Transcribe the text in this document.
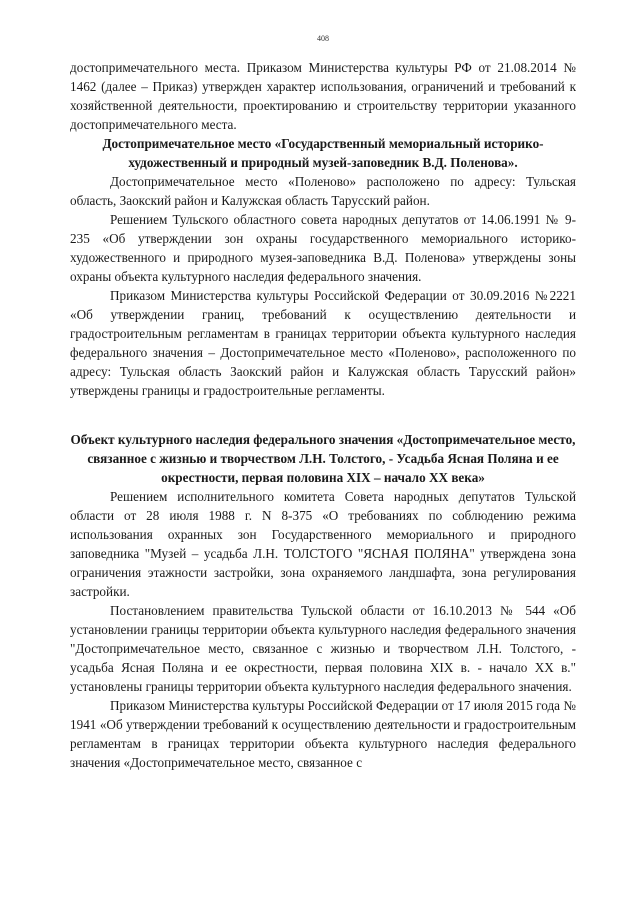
408

достопримечательного места. Приказом Министерства культуры РФ от 21.08.2014 № 1462 (далее – Приказ) утвержден характер использования, ограничений и требований к хозяйственной деятельности, проектированию и строительству территории указанного достопримечательного места.

Достопримечательное место «Государственный мемориальный историко-художественный и природный музей-заповедник В.Д. Поленова».

Достопримечательное место «Поленово» расположено по адресу: Тульская область, Заокский район и Калужская область Тарусский район.

Решением Тульского областного совета народных депутатов от 14.06.1991 № 9-235 «Об утверждении зон охраны государственного мемориального историко-художественного и природного музея-заповедника В.Д. Поленова» утверждены зоны охраны объекта культурного наследия федерального значения.

Приказом Министерства культуры Российской Федерации от 30.09.2016 №2221 «Об утверждении границ, требований к осуществлению деятельности и градостроительным регламентам в границах территории объекта культурного наследия федерального значения – Достопримечательное место «Поленово», расположенного по адресу: Тульская область Заокский район и Калужская область Тарусский район» утверждены границы и градостроительные регламенты.

Объект культурного наследия федерального значения «Достопримечательное место, связанное с жизнью и творчеством Л.Н. Толстого, - Усадьба Ясная Поляна и ее окрестности, первая половина XIX – начало XX века»

Решением исполнительного комитета Совета народных депутатов Тульской области от 28 июля 1988 г. N 8-375 «О требованиях по соблюдению режима использования охранных зон Государственного мемориального и природного заповедника "Музей – усадьба Л.Н. ТОЛСТОГО "ЯСНАЯ ПОЛЯНА" утверждена зона ограничения этажности застройки, зона охраняемого ландшафта, зона регулирования застройки.

Постановлением правительства Тульской области от 16.10.2013 № 544 «Об установлении границы территории объекта культурного наследия федерального значения "Достопримечательное место, связанное с жизнью и творчеством Л.Н. Толстого, - усадьба Ясная Поляна и ее окрестности, первая половина XIX в. - начало XX в." установлены границы территории объекта культурного наследия федерального значения.

Приказом Министерства культуры Российской Федерации от 17 июля 2015 года № 1941 «Об утверждении требований к осуществлению деятельности и градостроительным регламентам в границах территории объекта культурного наследия федерального значения «Достопримечательное место, связанное с
